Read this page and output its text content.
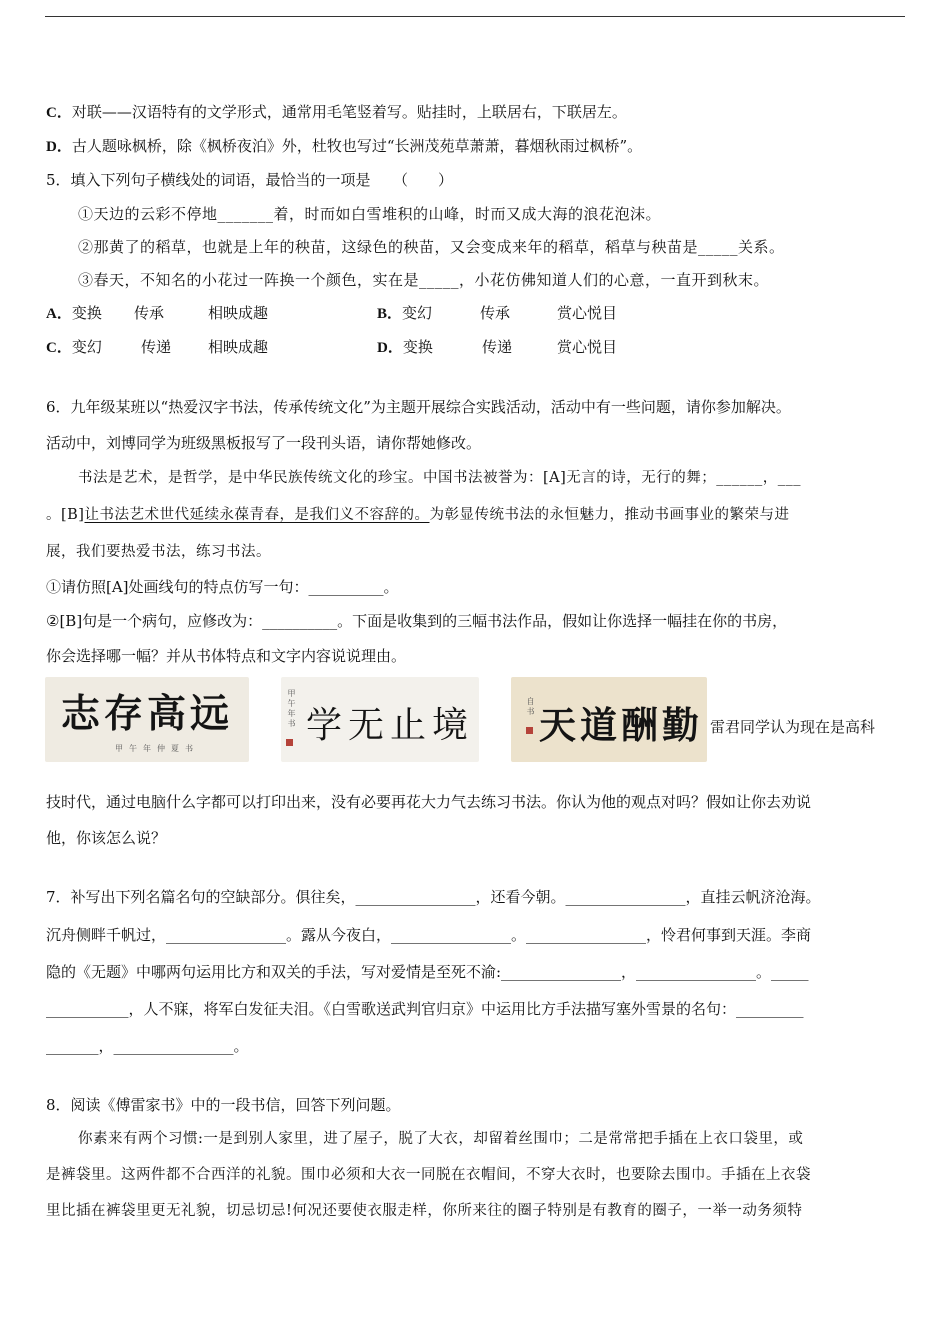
C．对联——汉语特有的文学形式，通常用毛笔竖着写。贴挂时，上联居右，下联居左。
D．古人题咏枫桥，除《枫桥夜泊》外，杜牧也写过“长洲茂苑草萧萧，暮烟秋雨过枫桥”。
5．填入下列句子横线处的词语，最恰当的一项是　　（　　）
①天边的云彩不停地_______着，时而如白雪堆积的山峰，时而又成大海的浪花泡沫。
②那黄了的稻草，也就是上年的秧苗，这绿色的秧苗，又会变成来年的稻草，稻草与秧苗是_____关系。
③春天，不知名的小花过一阵换一个颜色，实在是_____，小花仿佛知道人们的心意，一直开到秋末。
A．变换 传承	相映成趣	B．变幻	传承	赏心悦目
C．变幻	传递 相映成趣	D．变换	传递	赏心悦目
6．九年级某班以“热爱汉字书法，传承传统文化”为主题开展综合实践活动，活动中有一些问题，请你参加解决。
活动中，刘博同学为班级黑板报写了一段刊头语，请你帮她修改。
书法是艺术，是哲学，是中华民族传统文化的珍宝。中国书法被誉为：[A]无言的诗，无行的舞；______，___
。[B]让书法艺术世代延续永葆青春，是我们义不容辞的。为彰显传统书法的永恒魅力，推动书画事业的繁荣与进
展，我们要热爱书法，练习书法。
①请仿照[A]处画线句的特点仿写一句：__________。
②[B]句是一个病句，应修改为：__________。下面是收集到的三幅书法作品，假如让你选择一幅挂在你的书房，
你会选择哪一幅？并从书体特点和文字内容说说理由。
志存高远
甲午年仲夏书
学无止境
甲午年书	天道酬勤
自书
雷君同学认为现在是高科
技时代，通过电脑什么字都可以打印出来，没有必要再花大力气去练习书法。你认为他的观点对吗？假如让你去劝说
他，你该怎么说？
7．补写出下列名篇名句的空缺部分。俱往矣，________________，还看今朝。________________，直挂云帆济沧海。
沉舟侧畔千帆过，________________。露从今夜白，________________。________________，怜君何事到天涯。李商
隐的《无题》中哪两句运用比方和双关的手法，写对爱情是至死不渝:________________，________________。_____
___________，人不寐，将军白发征夫泪。《白雪歌送武判官归京》中运用比方手法描写塞外雪景的名句：_________
_______，________________。
8．阅读《傅雷家书》中的一段书信，回答下列问题。
你素来有两个习惯:一是到别人家里，进了屋子，脱了大衣，却留着丝围巾；二是常常把手插在上衣口袋里，或
是裤袋里。这两件都不合西洋的礼貌。围巾必须和大衣一同脱在衣帽间，不穿大衣时，也要除去围巾。手插在上衣袋
里比插在裤袋里更无礼貌，切忌切忌!何况还要使衣服走样，你所来往的圈子特别是有教育的圈子，一举一动务须特
